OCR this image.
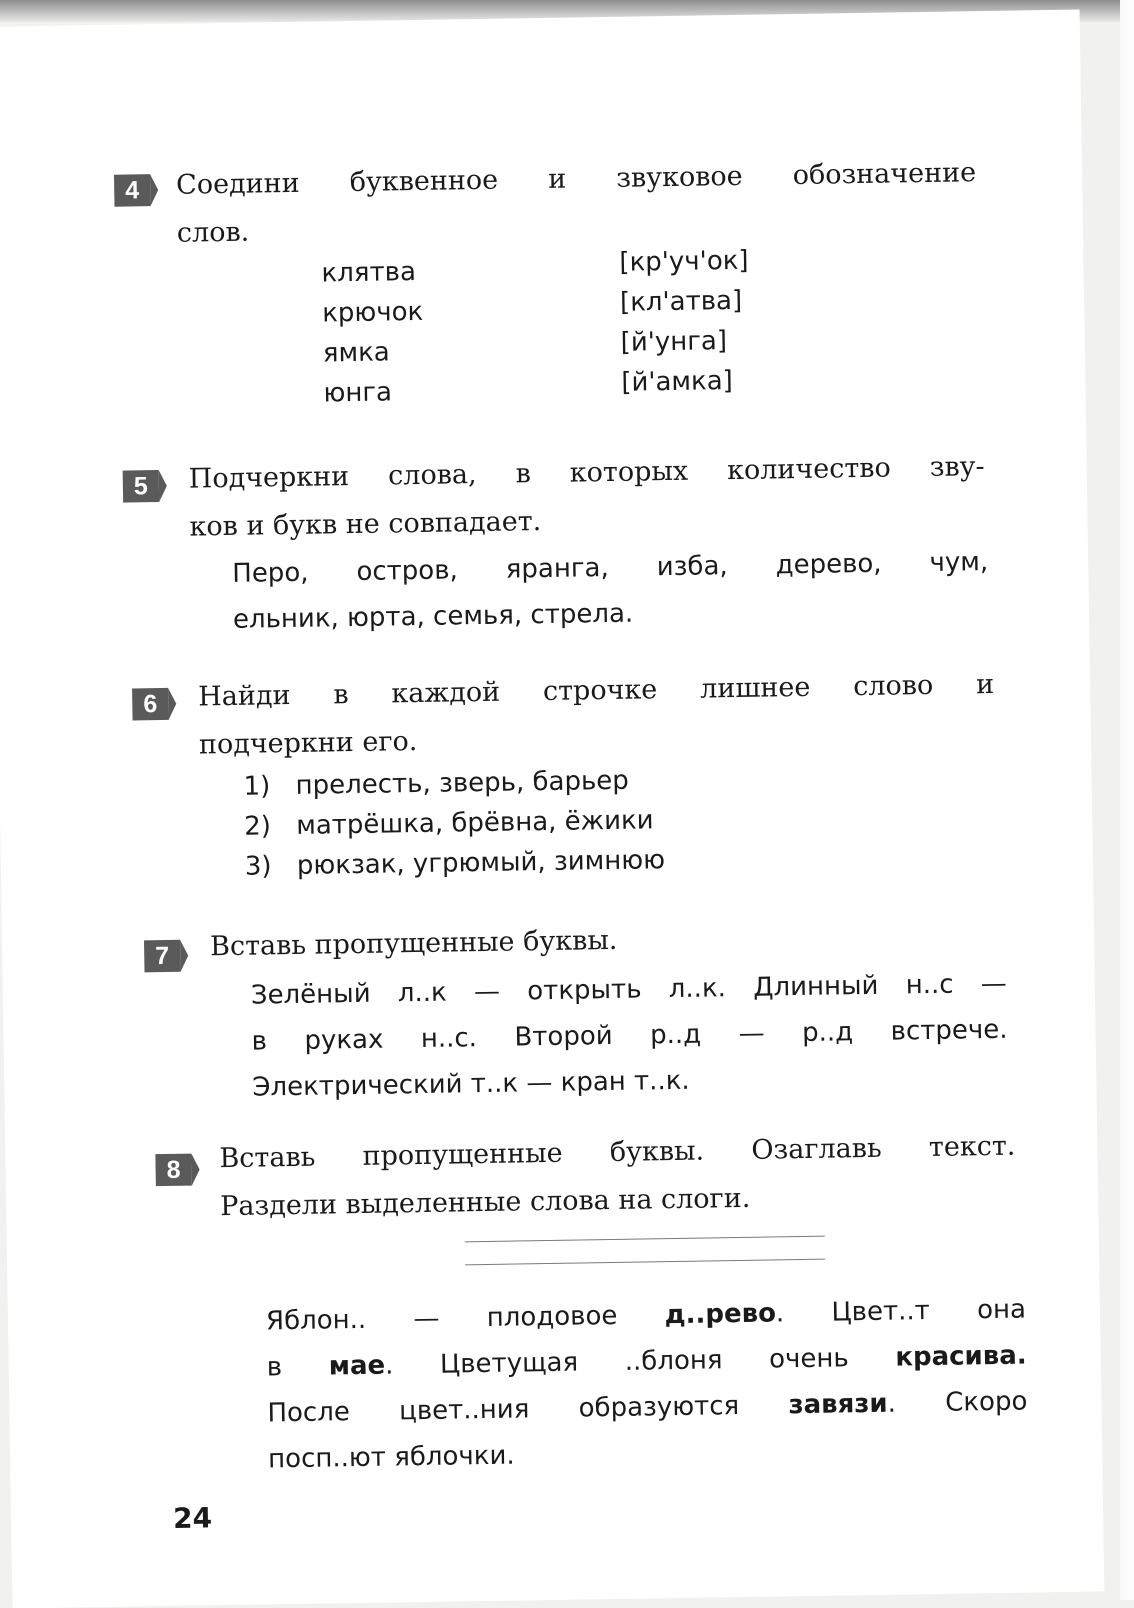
4	Соедини буквенное и звуковое обозначение
слов.
клятва
крючок
ямка
юнга
[кр'уч'ок]
[кл'атва]
[й'унга]
[й'амка]
5	Подчеркни слова, в которых количество зву-
ков и букв не совпадает.
Перо, остров, яранга, изба, дерево, чум,
ельник, юрта, семья, стрела.
6	Найди в каждой строчке лишнее слово и
подчеркни его.
1) прелесть, зверь, барьер
2) матрёшка, брёвна, ёжики
3) рюкзак, угрюмый, зимнюю
7	Вставь пропущенные буквы.
Зелёный л..к — открыть л..к. Длинный н..с —
в руках н..с. Второй р..д — р..д встрече.
Электрический т..к — кран т..к.
8	Вставь пропущенные буквы. Озаглавь текст.
Раздели выделенные слова на слоги.
Яблон.. — плодовое д..рево. Цвет..т она
в мае. Цветущая ..блоня очень красива.
После цвет..ния образуются завязи. Скоро
посп..ют яблочки.
24
